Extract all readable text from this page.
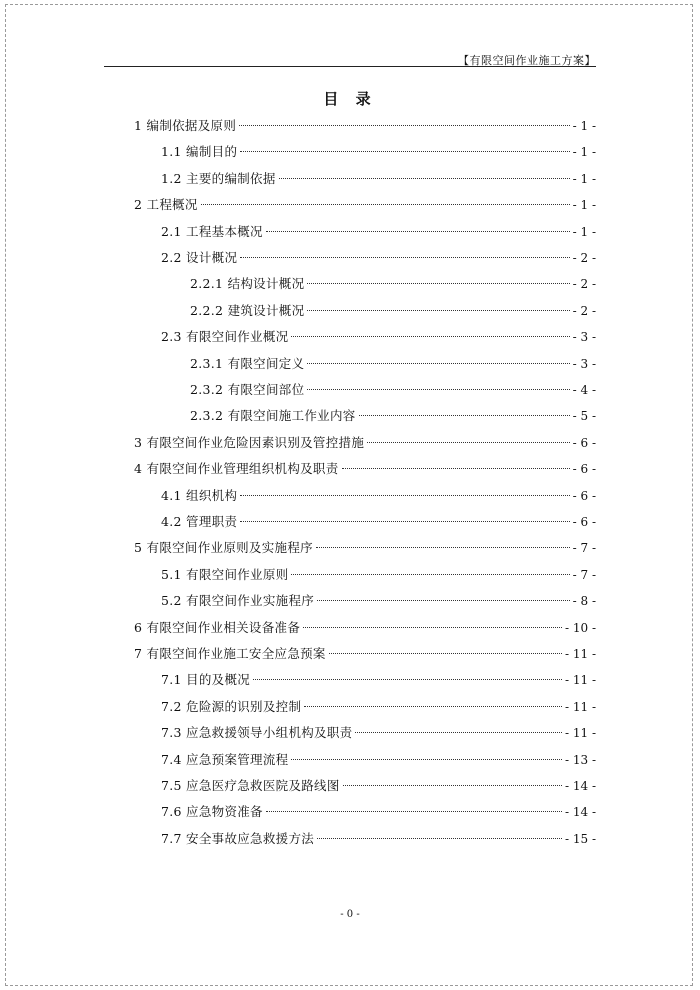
【有限空间作业施工方案】
目 录
1 编制依据及原则	- 1 -
1.1 编制目的	- 1 -
1.2 主要的编制依据	- 1 -
2 工程概况	- 1 -
2.1 工程基本概况	- 1 -
2.2 设计概况	- 2 -
2.2.1 结构设计概况	- 2 -
2.2.2 建筑设计概况	- 2 -
2.3 有限空间作业概况	- 3 -
2.3.1 有限空间定义	- 3 -
2.3.2 有限空间部位	- 4 -
2.3.2 有限空间施工作业内容	- 5 -
3 有限空间作业危险因素识别及管控措施	- 6 -
4 有限空间作业管理组织机构及职责	- 6 -
4.1 组织机构	- 6 -
4.2 管理职责	- 6 -
5 有限空间作业原则及实施程序	- 7 -
5.1 有限空间作业原则	- 7 -
5.2 有限空间作业实施程序	- 8 -
6 有限空间作业相关设备准备	- 10 -
7 有限空间作业施工安全应急预案	- 11 -
7.1 目的及概况	- 11 -
7.2 危险源的识别及控制	- 11 -
7.3 应急救援领导小组机构及职责	- 11 -
7.4 应急预案管理流程	- 13 -
7.5 应急医疗急救医院及路线图	- 14 -
7.6 应急物资准备	- 14 -
7.7 安全事故应急救援方法	- 15 -
- 0 -
